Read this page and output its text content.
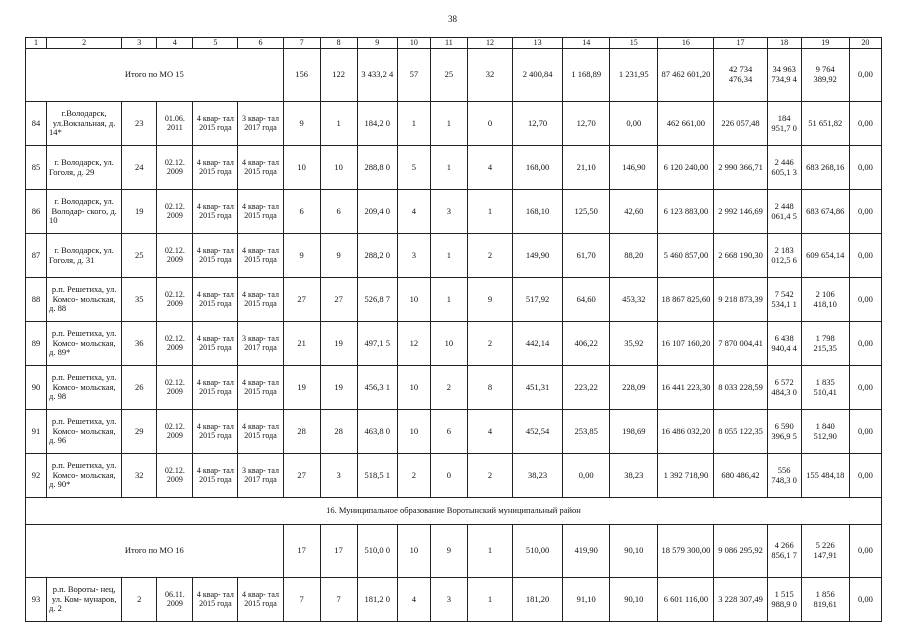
38
1	2	3	4	5	6	7	8	9	10	11	12	13	14	15	16	17	18	19	20
Итого по МО 15						156	122	3 433,2 4	57	25	32	2 400,84	1 168,89	1 231,95	87 462 601,20	42 734 476,34	34 963 734,9 4	9 764 389,92	0,00
84	г.Володарск, ул.Вокзальная, д. 14*	23	01.06. 2011	4 квар- тал 2015 года	3 квар- тал 2017 года	9	1	184,2 0	1	1	0	12,70	12,70	0,00	462 661,00	226 057,48	184 951,7 0	51 651,82	0,00
85	г. Володарск, ул. Гоголя, д. 29	24	02.12. 2009	4 квар- тал 2015 года	4 квар- тал 2015 года	10	10	288,8 0	5	1	4	168,00	21,10	146,90	6 120 240,00	2 990 366,71	2 446 605,1 3	683 268,16	0,00
86	г. Володарск, ул. Володар- ского, д. 10	19	02.12. 2009	4 квар- тал 2015 года	4 квар- тал 2015 года	6	6	209,4 0	4	3	1	168,10	125,50	42,60	6 123 883,00	2 992 146,69	2 448 061,4 5	683 674,86	0,00
87	г. Володарск, ул. Гоголя, д. 31	25	02.12. 2009	4 квар- тал 2015 года	4 квар- тал 2015 года	9	9	288,2 0	3	1	2	149,90	61,70	88,20	5 460 857,00	2 668 190,30	2 183 012,5 6	609 654,14	0,00
88	р.п. Решетиха, ул. Комсо- мольская, д. 88	35	02.12. 2009	4 квар- тал 2015 года	4 квар- тал 2015 года	27	27	526,8 7	10	1	9	517,92	64,60	453,32	18 867 825,60	9 218 873,39	7 542 534,1 1	2 106 418,10	0,00
89	р.п. Решетиха, ул. Комсо- мольская, д. 89*	36	02.12. 2009	4 квар- тал 2015 года	3 квар- тал 2017 года	21	19	497,1 5	12	10	2	442,14	406,22	35,92	16 107 160,20	7 870 004,41	6 438 940,4 4	1 798 215,35	0,00
90	р.п. Решетиха, ул. Комсо- мольская, д. 98	26	02.12. 2009	4 квар- тал 2015 года	4 квар- тал 2015 года	19	19	456,3 1	10	2	8	451,31	223,22	228,09	16 441 223,30	8 033 228,59	6 572 484,3 0	1 835 510,41	0,00
91	р.п. Решетиха, ул. Комсо- мольская, д. 96	29	02.12. 2009	4 квар- тал 2015 года	4 квар- тал 2015 года	28	28	463,8 0	10	6	4	452,54	253,85	198,69	16 486 032,20	8 055 122,35	6 590 396,9 5	1 840 512,90	0,00
92	р.п. Решетиха, ул. Комсо- мольская, д. 90*	32	02.12. 2009	4 квар- тал 2015 года	3 квар- тал 2017 года	27	3	518,5 1	2	0	2	38,23	0,00	38,23	1 392 718,90	680 486,42	556 748,3 0	155 484,18	0,00
16. Муниципальное образование Воротынский муниципальный район																			
Итого по МО 16						17	17	510,0 0	10	9	1	510,00	419,90	90,10	18 579 300,00	9 086 295,92	4 266 856,1 7	5 226 147,91	0,00
93	р.п. Вороты- нец, ул. Ком- мунаров, д. 2	2	06.11. 2009	4 квар- тал 2015 года	4 квар- тал 2015 года	7	7	181,2 0	4	3	1	181,20	91,10	90,10	6 601 116,00	3 228 307,49	1 515 988,9 0	1 856 819,61	0,00
